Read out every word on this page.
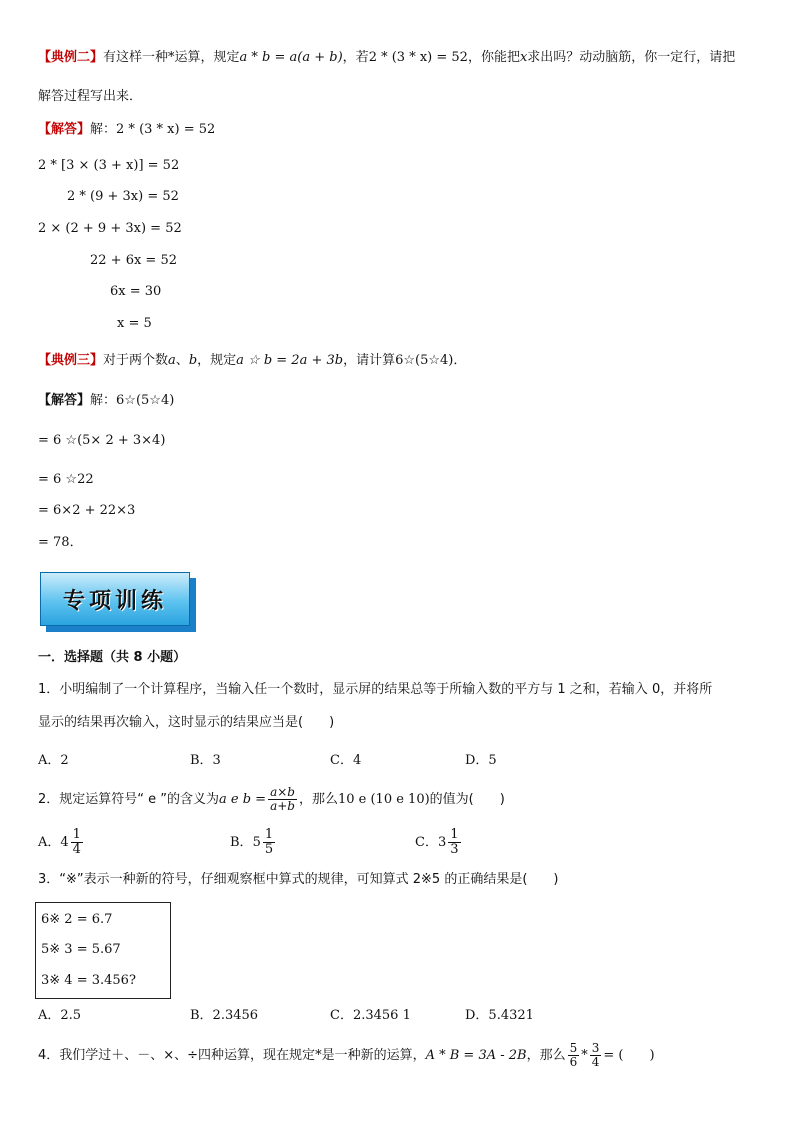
【典例二】有这样一种*运算，规定a * b = a(a + b)，若2 * (3 * x) = 52，你能把x求出吗？动动脑筋，你一定行，请把
解答过程写出来．
【解答】解：2 * (3 * x) = 52
2 * [3 × (3 + x)] = 52
2 * (9 + 3x) = 52
2 × (2 + 9 + 3x) = 52
22 + 6x = 52
6x = 30
x = 5
【典例三】对于两个数a、b，规定a ☆ b = 2a + 3b，请计算6☆(5☆4)．
【解答】解：6☆(5☆4)
= 6 ☆(5× 2 + 3×4)
= 6 ☆22
= 6×2 + 22×3
= 78．
专项训练
一．选择题（共 8 小题）
1．小明编制了一个计算程序，当输入任一个数时，显示屏的结果总等于所输入数的平方与 1 之和，若输入 0，并将所
显示的结果再次输入，这时显示的结果应当是(　　)
A．2	B．3	C．4	D．5
2．规定运算符号“ e ”的含义为a e $b = \frac{a\times b}{a+b}$ ，那么10 e (10 e 10)的值为(　　)
A．$4 \frac{1}{4}$	B．$5 \frac{1}{5}$	C．$3 \frac{1}{3}$
3．“※”表示一种新的符号，仔细观察框中算式的规律，可知算式 2※5 的正确结果是(　　)
6※ 2 = 6.7
5※ 3 = 5.67
3※ 4 = 3.456?
A．2.5	B．2.3456	C．2.3456 1	D．5.4321
4．我们学过＋、－、×、÷四种运算，现在规定*是一种新的运算，A * B = 3A - 2B，那么 $\frac{5}{6} * \frac{3}{4}$ = (　　)
